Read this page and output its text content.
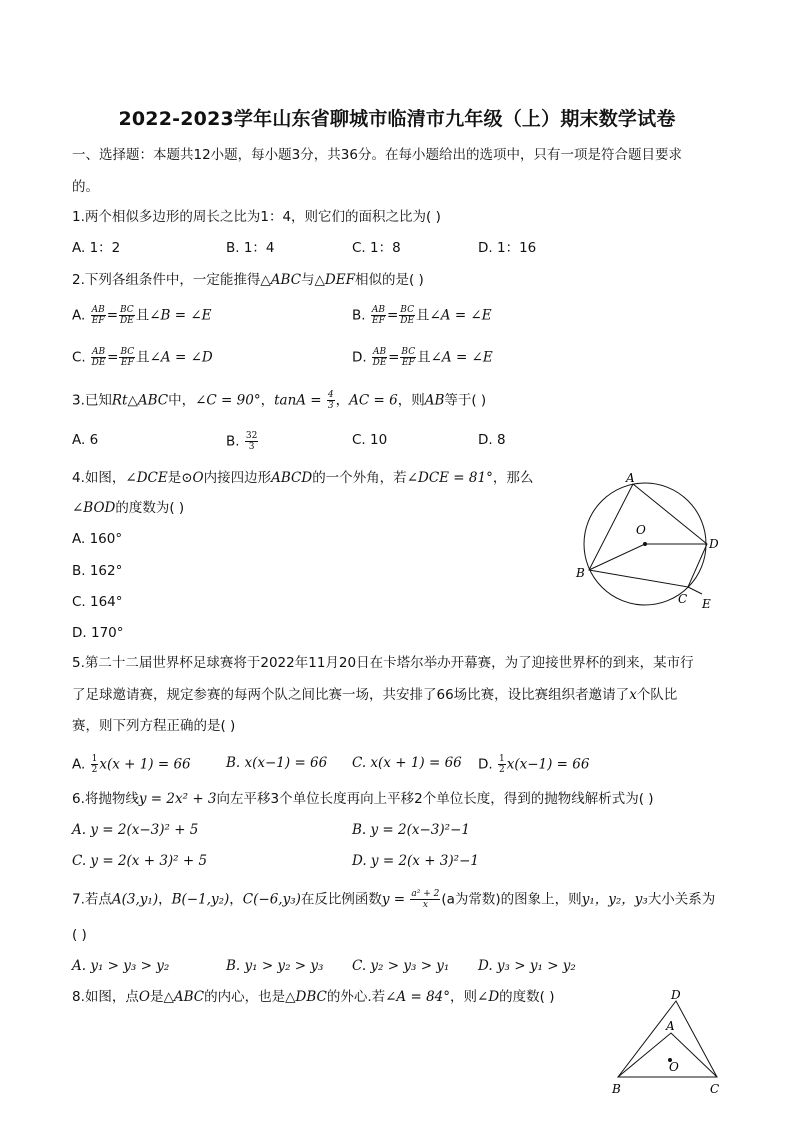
2022-2023学年山东省聊城市临清市九年级（上）期末数学试卷
一、选择题：本题共12小题，每小题3分，共36分。在每小题给出的选项中，只有一项是符合题目要求
的。
1.两个相似多边形的周长之比为1：4，则它们的面积之比为( )
A. 1：2	B. 1：4	C. 1：8	D. 1：16
2.下列各组条件中，一定能推得△ABC与△DEF相似的是( )
A. $\frac{AB}{EF} = \frac{BC}{DE}$ 且∠B = ∠E	B. $\frac{AB}{EF} = \frac{BC}{DE}$ 且∠A = ∠E
C. $\frac{AB}{DE} = \frac{BC}{EF}$ 且∠A = ∠D	D. $\frac{AB}{DE} = \frac{BC}{EF}$ 且∠A = ∠E
3.已知Rt△ABC中，∠C = 90°，$\tan A = \frac{4}{3}$ ，AC = 6，则AB等于( )
A. 6	B. $\frac{32}{3}$	C. 10	D. 8
4.如图，∠DCE是⊙O内接四边形ABCD的一个外角，若∠DCE = 81°，那么
∠BOD的度数为( )
A. 160°
B. 162°
C. 164°
D. 170°
A
B
C
D
E
O
5.第二十二届世界杯足球赛将于2022年11月20日在卡塔尔举办开幕赛，为了迎接世界杯的到来，某市行
了足球邀请赛，规定参赛的每两个队之间比赛一场，共安排了66场比赛，设比赛组织者邀请了x个队比
赛，则下列方程正确的是( )
A. $\frac{1}{2} x(x + 1) = 66$	B. x(x−1) = 66 C. x(x + 1) = 66 D. $\frac{1}{2} x(x-1) = 66$
6.将抛物线y = 2x² + 3向左平移3个单位长度再向上平移2个单位长度，得到的抛物线解析式为( )
A. y = 2(x−3)² + 5	B. y = 2(x−3)²−1
C. y = 2(x + 3)² + 5	D. y = 2(x + 3)²−1
7.若点A(3,y₁)，B(−1,y₂)，C(−6,y₃)在反比例函数$y = \frac{\text{a² + 2}}{x} (a$为常数)的图象上，则y₁，y₂，y₃大小关系为
( )
A. y₁ > y₃ > y₂	B. y₁ > y₂ > y₃ C. y₂ > y₃ > y₁ D. y₃ > y₁ > y₂
8.如图，点O是△ABC的内心，也是△DBC的外心.若∠A = 84°，则∠D的度数( )	D
A
O
B	C
